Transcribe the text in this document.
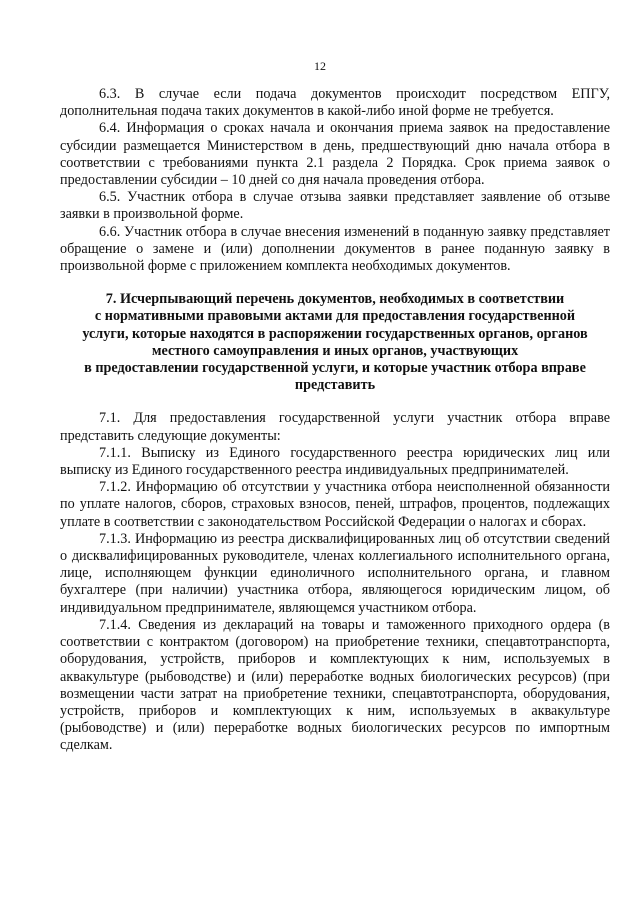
12

6.3. В случае если подача документов происходит посредством ЕПГУ, дополнительная подача таких документов в какой-либо иной форме не требуется.

6.4. Информация о сроках начала и окончания приема заявок на предоставление субсидии размещается Министерством в день, предшествующий дню начала отбора в соответствии с требованиями пункта 2.1 раздела 2 Порядка. Срок приема заявок о предоставлении субсидии – 10 дней со дня начала проведения отбора.

6.5. Участник отбора в случае отзыва заявки представляет заявление об отзыве заявки в произвольной форме.

6.6. Участник отбора в случае внесения изменений в поданную заявку представляет обращение о замене и (или) дополнении документов в ранее поданную заявку в произвольной форме с приложением комплекта необходимых документов.

7. Исчерпывающий перечень документов, необходимых в соответствии
с нормативными правовыми актами для предоставления государственной
услуги, которые находятся в распоряжении государственных органов, органов
местного самоуправления и иных органов, участвующих
в предоставлении государственной услуги, и которые участник отбора вправе
представить

7.1. Для предоставления государственной услуги участник отбора вправе представить следующие документы:

7.1.1. Выписку из Единого государственного реестра юридических лиц или выписку из Единого государственного реестра индивидуальных предпринимателей.

7.1.2. Информацию об отсутствии у участника отбора неисполненной обязанности по уплате налогов, сборов, страховых взносов, пеней, штрафов, процентов, подлежащих уплате в соответствии с законодательством Российской Федерации о налогах и сборах.

7.1.3. Информацию из реестра дисквалифицированных лиц об отсутствии сведений о дисквалифицированных руководителе, членах коллегиального исполнительного органа, лице, исполняющем функции единоличного исполнительного органа, и главном бухгалтере (при наличии) участника отбора, являющегося юридическим лицом, об индивидуальном предпринимателе, являющемся участником отбора.

7.1.4. Сведения из деклараций на товары и таможенного приходного ордера (в соответствии с контрактом (договором) на приобретение техники, спецавтотранспорта, оборудования, устройств, приборов и комплектующих к ним, используемых в аквакультуре (рыбоводстве) и (или) переработке водных биологических ресурсов) (при возмещении части затрат на приобретение техники, спецавтотранспорта, оборудования, устройств, приборов и комплектующих к ним, используемых в аквакультуре (рыбоводстве) и (или) переработке водных биологических ресурсов по импортным сделкам.
